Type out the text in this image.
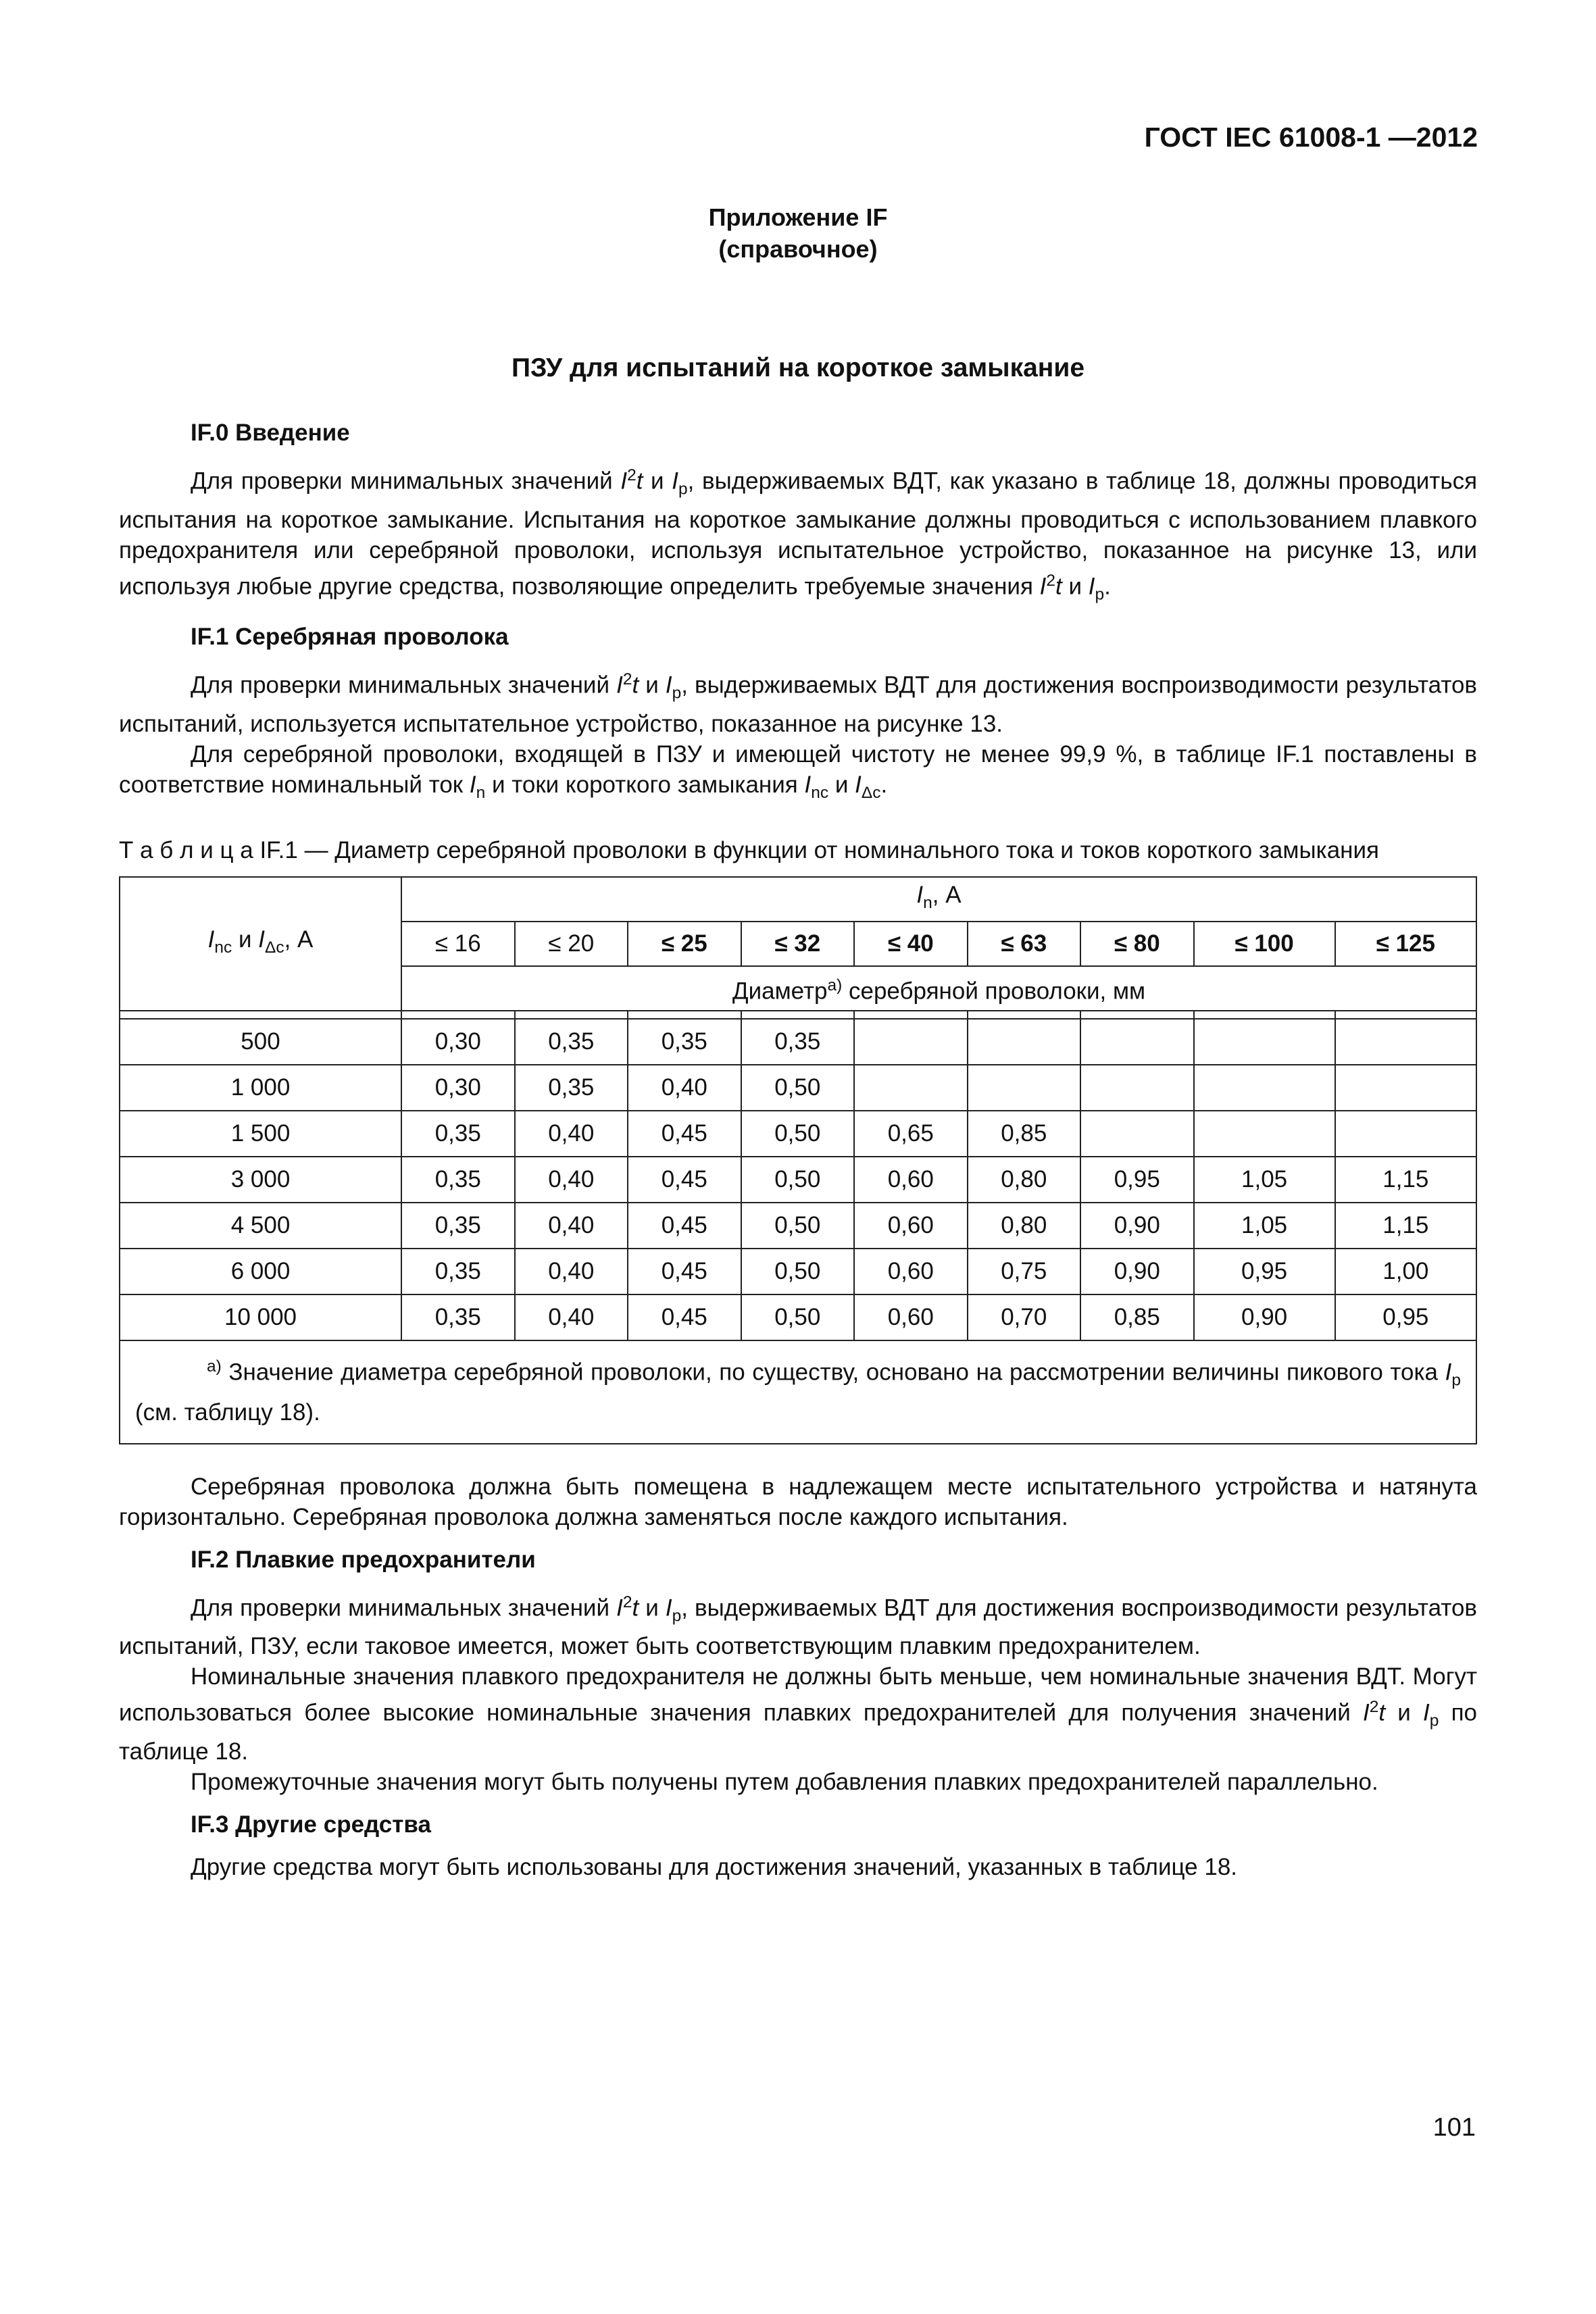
ГОСТ IEC 61008-1 —2012
Приложение IF
(справочное)
ПЗУ для испытаний на короткое замыкание
IF.0 Введение

Для проверки минимальных значений $I^2t$ и $I_p$, выдерживаемых ВДТ, как указано в таблице 18, должны проводиться испытания на короткое замыкание. Испытания на короткое замыкание должны проводиться с использованием плавкого предохранителя или серебряной проволоки, используя испытательное устройство, показанное на рисунке 13, или используя любые другие средства, позволяющие определить требуемые значения $I^2t$ и $I_p$.

IF.1 Серебряная проволока

Для проверки минимальных значений $I^2t$ и $I_p$, выдерживаемых ВДТ для достижения воспроизводимости результатов испытаний, используется испытательное устройство, показанное на рисунке 13.

Для серебряной проволоки, входящей в ПЗУ и имеющей чистоту не менее 99,9 %, в таблице IF.1 поставлены в соответствие номинальный ток $I_n$ и токи короткого замыкания $I_{nc}$ и $I_{\Delta c}$.

Т а б л и ц а IF.1 — Диаметр серебряной проволоки в функции от номинального тока и токов короткого замыкания
$I_{nc}$ и $I_{\Delta c}$, А	$I_n$, А								
	≤ 16	≤ 20	≤ 25	≤ 32	≤ 40	≤ 63	≤ 80	≤ 100	≤ 125
	Диаметр$^{а)}$ серебряной проволоки, мм								

500	0,30	0,35	0,35	0,35					
1 000	0,30	0,35	0,40	0,50					
1 500	0,35	0,40	0,45	0,50	0,65	0,85			
3 000	0,35	0,40	0,45	0,50	0,60	0,80	0,95	1,05	1,15
4 500	0,35	0,40	0,45	0,50	0,60	0,80	0,90	1,05	1,15
6 000	0,35	0,40	0,45	0,50	0,60	0,75	0,90	0,95	1,00
10 000	0,35	0,40	0,45	0,50	0,60	0,70	0,85	0,90	0,95

$^{а)}$ Значение диаметра серебряной проволоки, по существу, основано на рассмотрении величины пикового тока $I_p$ (см. таблицу 18).									

Серебряная проволока должна быть помещена в надлежащем месте испытательного устройства и натянута горизонтально. Серебряная проволока должна заменяться после каждого испытания.

IF.2 Плавкие предохранители

Для проверки минимальных значений $I^2t$ и $I_p$, выдерживаемых ВДТ для достижения воспроизводимости результатов испытаний, ПЗУ, если таковое имеется, может быть соответствующим плавким предохранителем.

Номинальные значения плавкого предохранителя не должны быть меньше, чем номинальные значения ВДТ. Могут использоваться более высокие номинальные значения плавких предохранителей для получения значений $I^2t$ и $I_p$ по таблице 18.

Промежуточные значения могут быть получены путем добавления плавких предохранителей параллельно.

IF.3 Другие средства

Другие средства могут быть использованы для достижения значений, указанных в таблице 18.

101
